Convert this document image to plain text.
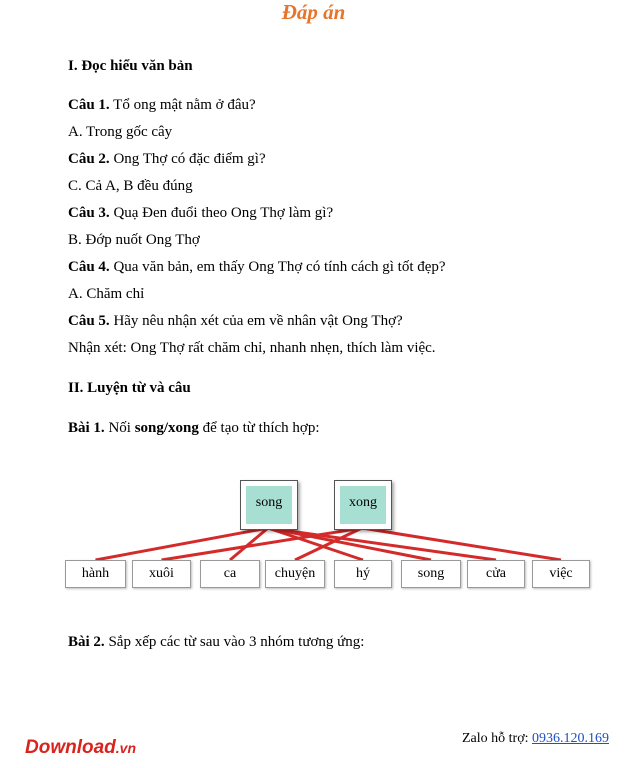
Đáp án
I. Đọc hiểu văn bản
Câu 1. Tổ ong mật nằm ở đâu?
A. Trong gốc cây
Câu 2. Ong Thợ có đặc điểm gì?
C. Cả A, B đều đúng
Câu 3. Quạ Đen đuổi theo Ong Thợ làm gì?
B. Đớp nuốt Ong Thợ
Câu 4. Qua văn bản, em thấy Ong Thợ có tính cách gì tốt đẹp?
A. Chăm chỉ
Câu 5. Hãy nêu nhận xét của em về nhân vật Ong Thợ?
Nhận xét: Ong Thợ rất chăm chỉ, nhanh nhẹn, thích làm việc.
II. Luyện từ và câu
Bài 1. Nối song/xong để tạo từ thích hợp:
song	xong
hành	xuôi	ca	chuyện	hý	song	cửa	việc
Bài 2. Sắp xếp các từ sau vào 3 nhóm tương ứng:
Download.vn
Zalo hỗ trợ: 0936.120.169
